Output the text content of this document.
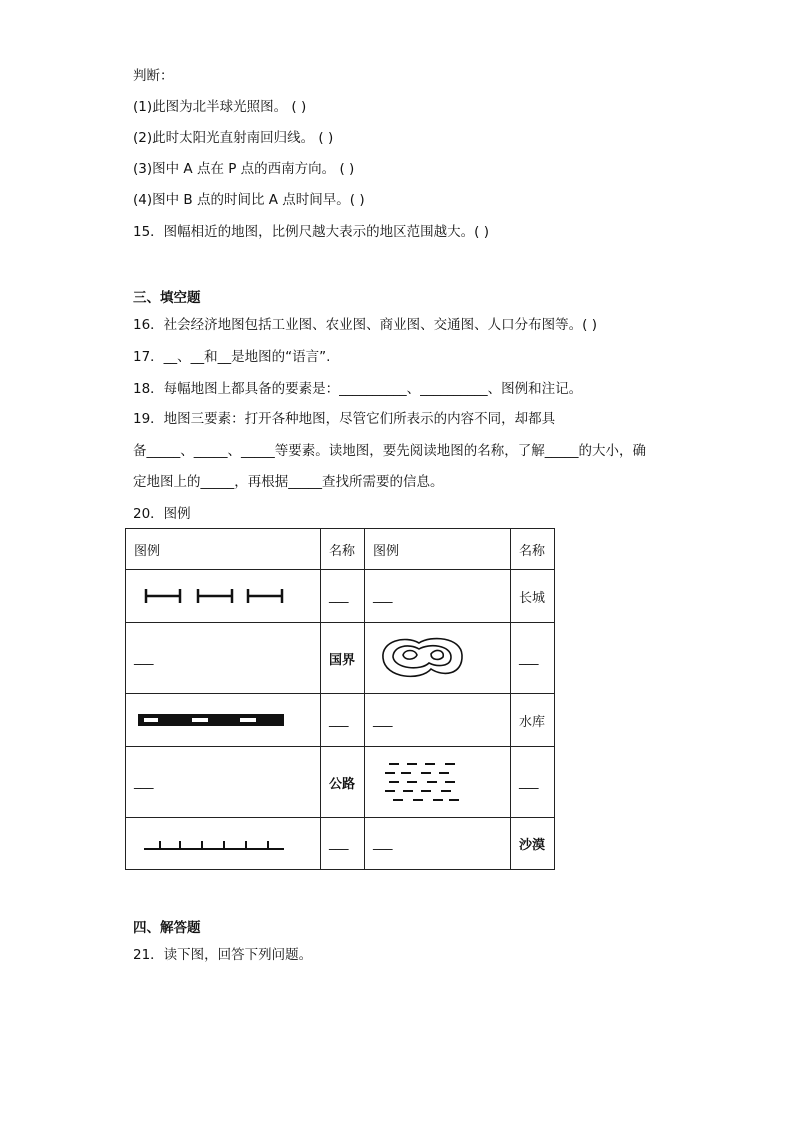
判断：
(1)此图为北半球光照图。 ( )
(2)此时太阳光直射南回归线。 ( )
(3)图中 A 点在 P 点的西南方向。 ( )
(4)图中 B 点的时间比 A 点时间早。( )
15．图幅相近的地图，比例尺越大表示的地区范围越大。( )
三、填空题
16．社会经济地图包括工业图、农业图、商业图、交通图、人口分布图等。( )
17．__、__和__是地图的“语言”.
18．每幅地图上都具备的要素是：__________、__________、图例和注记。
19．地图三要素：打开各种地图，尽管它们所表示的内容不同，却都具
备_____、_____、_____等要素。读地图，要先阅读地图的名称，了解_____的大小，确
定地图上的_____，再根据_____查找所需要的信息。
20．图例
图例	名称	图例	名称

	___	___	长城
___	国界		___

	___	___	水库
___	公路		___

	___	___	沙漠
四、解答题
21．读下图，回答下列问题。
